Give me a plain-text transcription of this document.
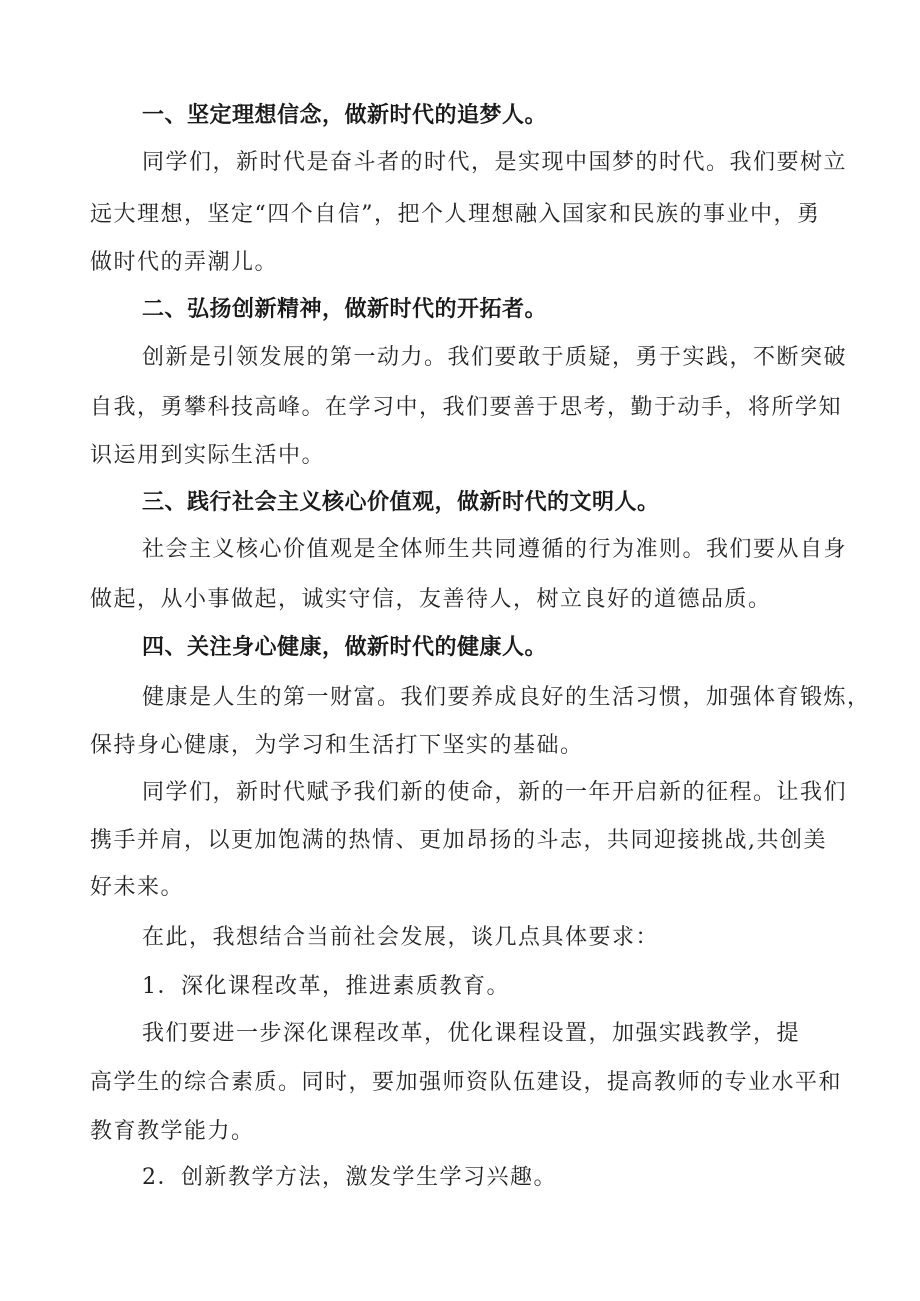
一、坚定理想信念，做新时代的追梦人。
同学们，新时代是奋斗者的时代，是实现中国梦的时代。我们要树立
远大理想，坚定“四个自信”，把个人理想融入国家和民族的事业中，勇
做时代的弄潮儿。
二、弘扬创新精神，做新时代的开拓者。
创新是引领发展的第一动力。我们要敢于质疑，勇于实践，不断突破
自我，勇攀科技高峰。在学习中，我们要善于思考，勤于动手，将所学知
识运用到实际生活中。
三、践行社会主义核心价值观，做新时代的文明人。
社会主义核心价值观是全体师生共同遵循的行为准则。我们要从自身
做起，从小事做起，诚实守信，友善待人，树立良好的道德品质。
四、关注身心健康，做新时代的健康人。
健康是人生的第一财富。我们要养成良好的生活习惯，加强体育锻炼，
保持身心健康，为学习和生活打下坚实的基础。
同学们，新时代赋予我们新的使命，新的一年开启新的征程。让我们
携手并肩，以更加饱满的热情、更加昂扬的斗志，共同迎接挑战,共创美
好未来。
在此，我想结合当前社会发展，谈几点具体要求：
1．深化课程改革，推进素质教育。
我们要进一步深化课程改革，优化课程设置，加强实践教学，提
高学生的综合素质。同时，要加强师资队伍建设，提高教师的专业水平和
教育教学能力。
2．创新教学方法，激发学生学习兴趣。
